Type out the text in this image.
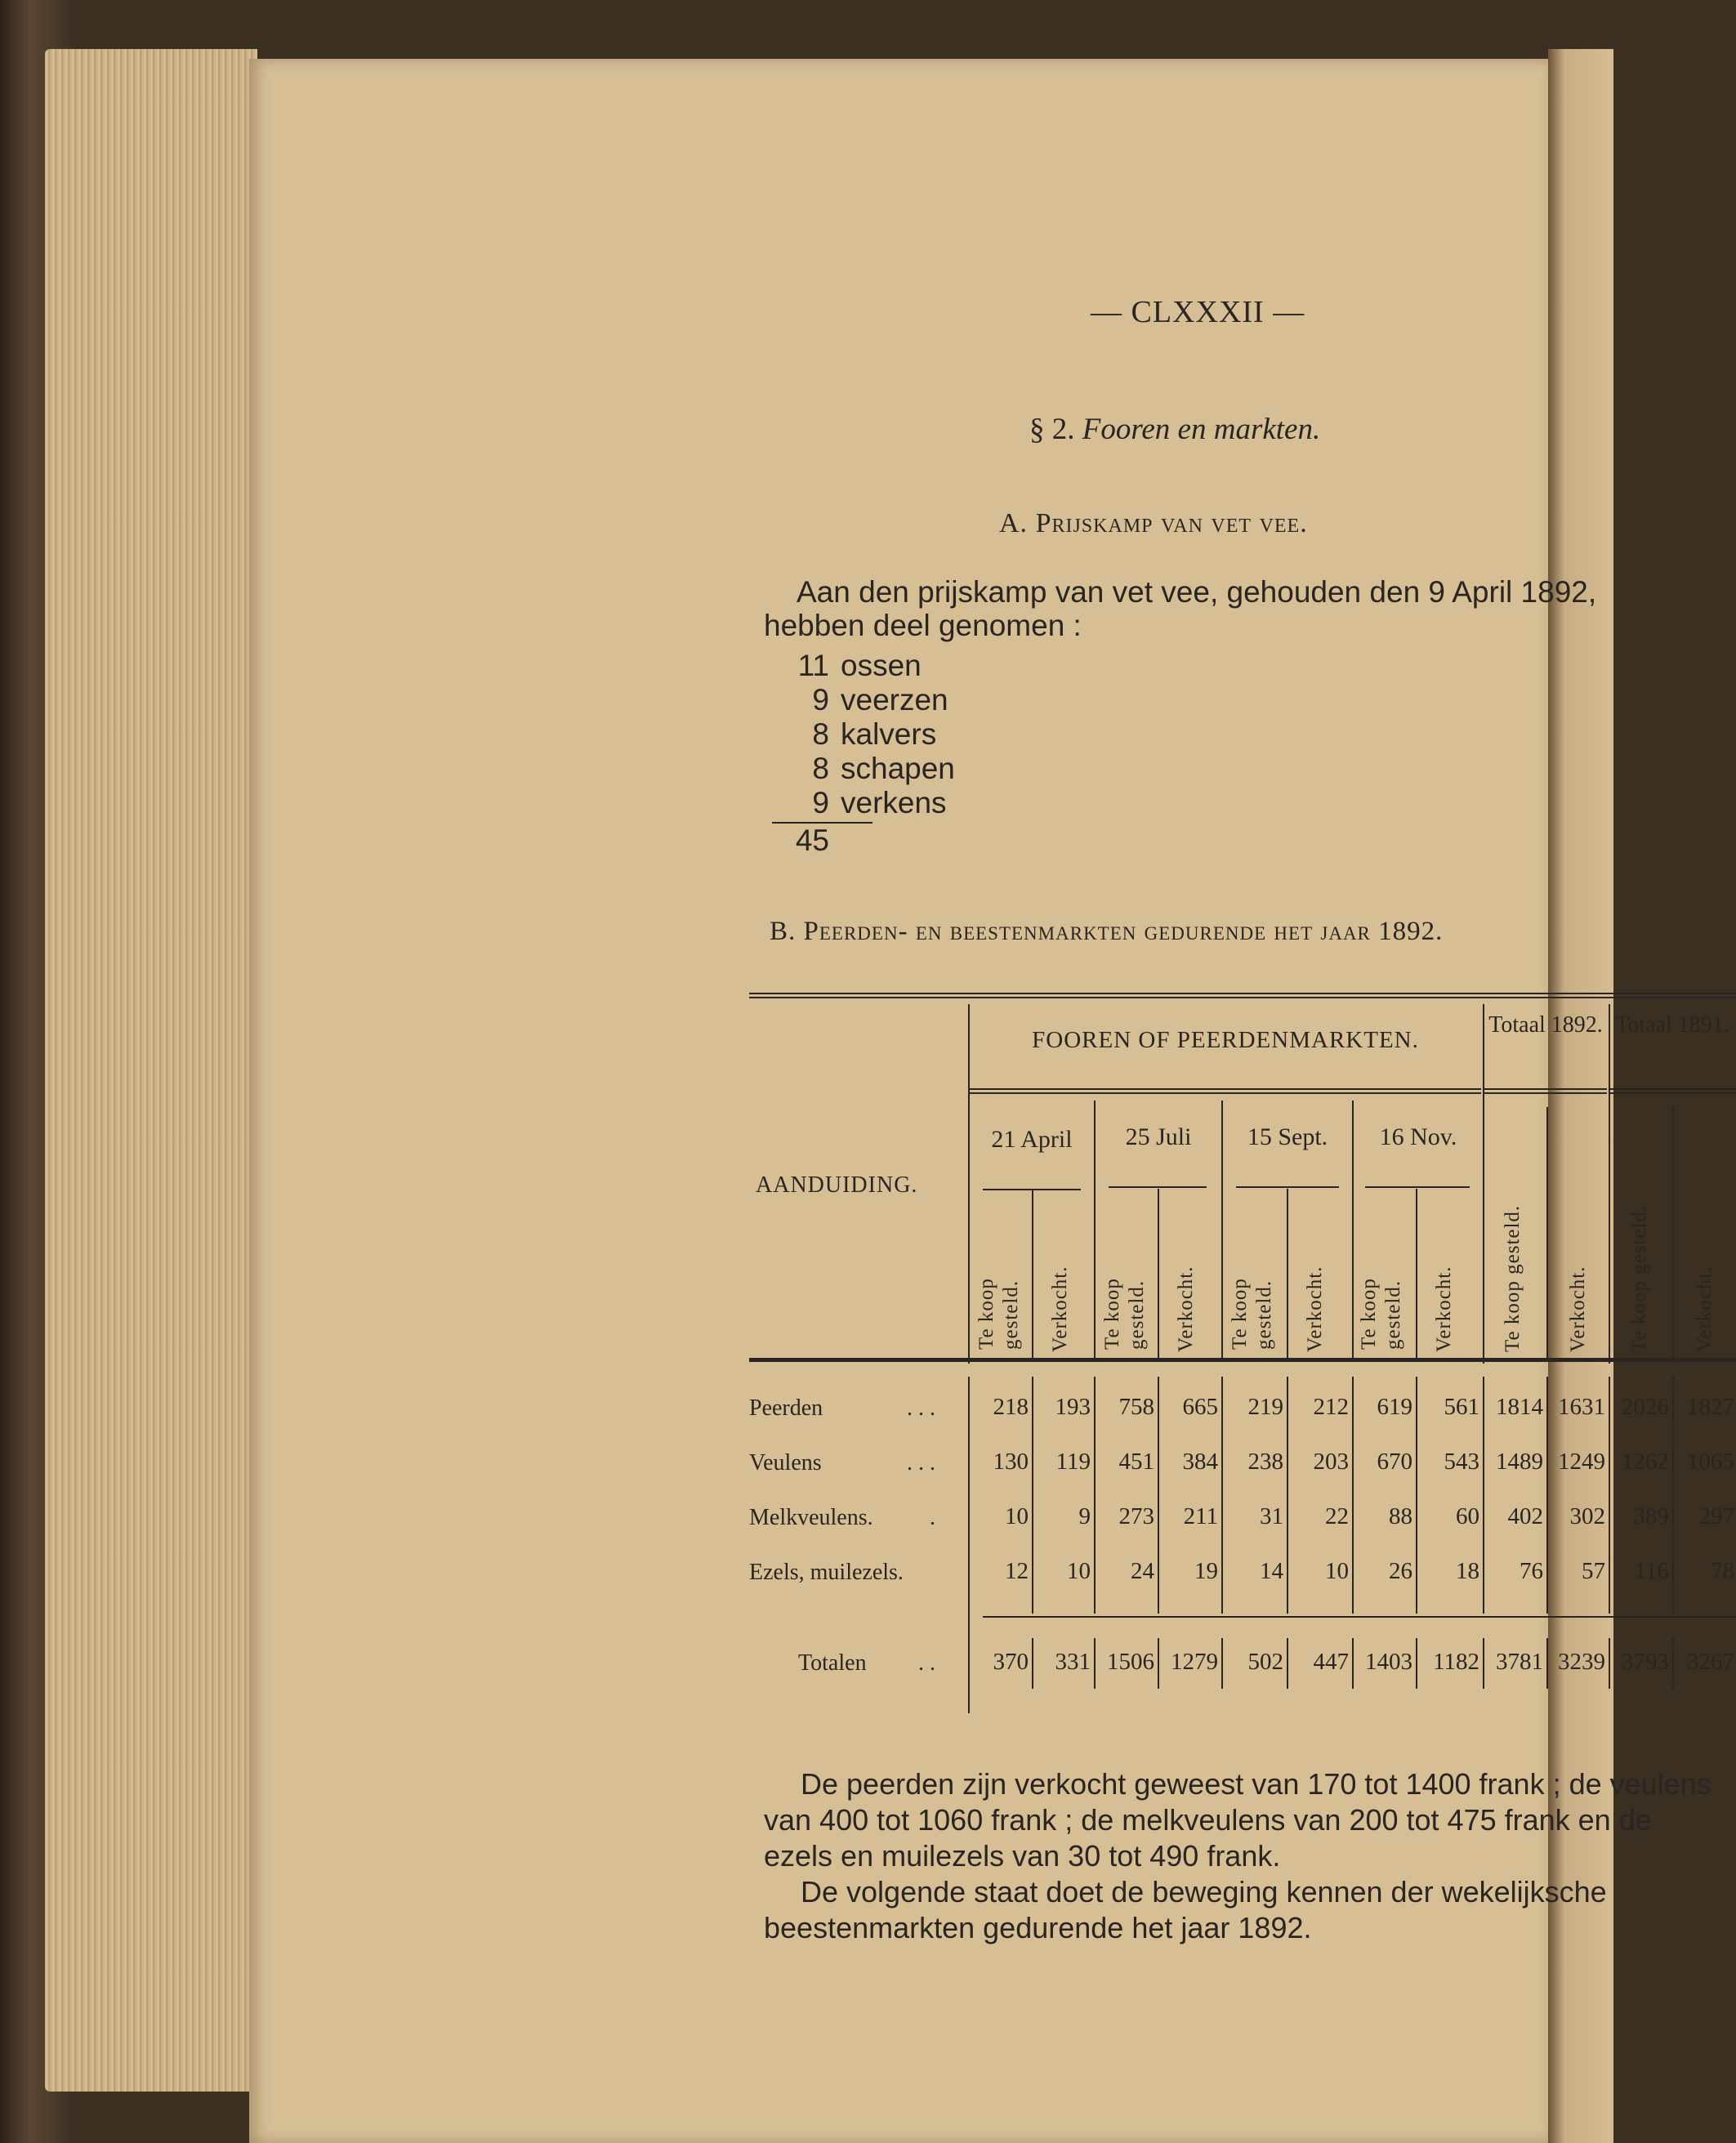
— CLXXXII —
§ 2. Fooren en markten.
A. Prijskamp van vet vee.
Aan den prijskamp van vet vee, gehouden den 9 April 1892,
hebben deel genomen :
11 ossen
9 veerzen
8 kalvers
8 schapen
9 verkens
45
B. Peerden- en beestenmarkten gedurende het jaar 1892.
AANDUIDING.
FOOREN OF PEERDENMARKTEN.
Totaal 1892. Totaal 1891.
21 April	25 Juli	15 Sept.	16 Nov.
Te koop gesteld. Verkocht. Te koop gesteld. Verkocht. Te koop gesteld. Verkocht. Te koop gesteld. Verkocht. Te koop gesteld. Verkocht. Te koop gesteld. Verkocht.
Peerden	. . .	218	193	758	665	219	212	619	561 1814 1631 2026 1827
Veulens	. . .	130	119	451	384	238	203	670	543 1489 1249 1262 1065
Melkveulens. .	10	9	273	211	31	22	88	60	402	302	389	297
Ezels, muilezels.	12	10	24	19	14	10	26	18	76	57	116	78
Totalen . .	370	331 1506 1279	502	447 1403 1182 3781 3239 3793 3267

De peerden zijn verkocht geweest van 170 tot 1400 frank ; de veulens van 400 tot 1060 frank ; de melkveulens van 200 tot 475 frank en de ezels en muilezels van 30 tot 490 frank.

De volgende staat doet de beweging kennen der wekelijksche beestenmarkten gedurende het jaar 1892.
